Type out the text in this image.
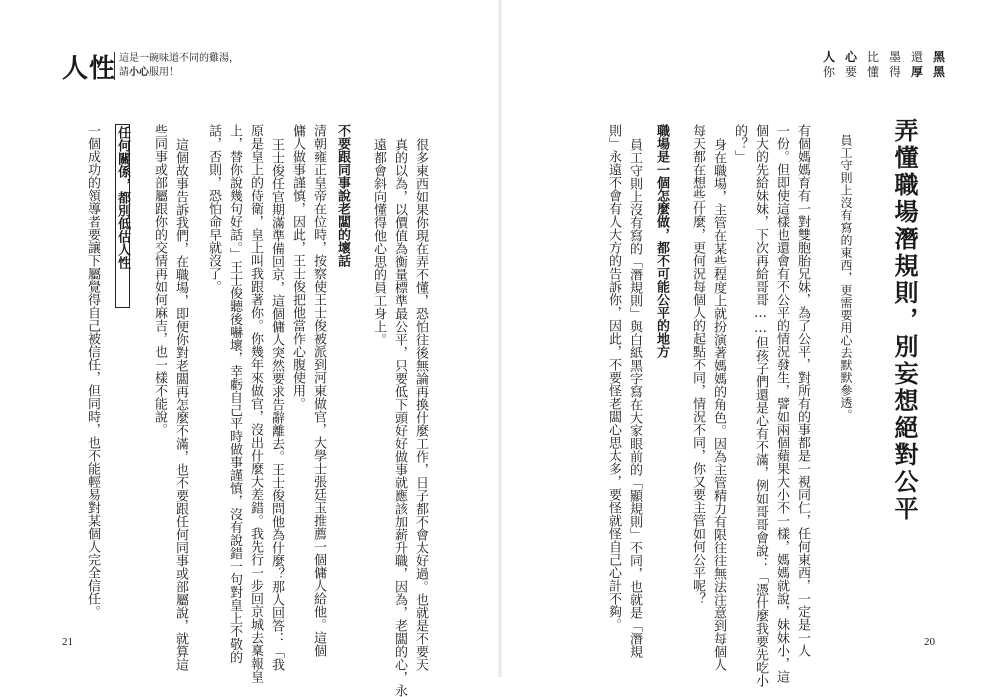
人性 這是一碗味道不同的雞湯，
請小心服用！
很多東西如果你現在弄不懂，恐怕往後無論再換什麼工作，日子都不會太好過。也就是不要天
真的以為，以價值為衡量標準最公平，只要低下頭好好做事就應該加薪升職，因為，老闆的心，永
遠都會斜向懂得他心思的員工身上。
不要跟同事說老闆的壞話
清朝雍正皇帝在位時，按察使王士俊被派到河東做官，大學士張廷玉推薦一個傭人給他。這個
傭人做事謹慎，因此，王士俊把他當作心腹使用。
王士俊任官期滿準備回京，這個傭人突然要求告辭離去。王士俊問他為什麼？那人回答：「我
原是皇上的侍衛，皇上叫我跟著你。你幾年來做官，沒出什麼大差錯。我先行一步回京城去稟報皇
上，替你說幾句好話。」王士俊聽後嚇壞，幸虧自己平時做事謹慎，沒有說錯一句對皇上不敬的
話，否則，恐怕命早就沒了。
這個故事告訴我們，在職場，即便你對老闆再怎麼不滿，也不要跟任何同事或部屬說，就算這
些同事或部屬跟你的交情再如何麻吉，也一樣不能說。
任何關係，都別低估人性
一個成功的領導者要讓下屬覺得自己被信任，但同時，也不能輕易對某個人完全信任。
21
人 心 比 墨 還 黑
你 要 懂 得 厚 黑
弄懂職場潛規則，別妄想絕對公平
員工守則上沒有寫的東西，更需要用心去默默參透。
有個媽媽育有一對雙胞胎兄妹，為了公平，對所有的事都是一視同仁，任何東西，一定是一人
一份。但即使這樣也還會有不公平的情況發生，譬如兩個蘋果大小不一樣，媽媽就說，妹妹小，這
個大的先給妹妹，下次再給哥哥……但孩子們還是心有不滿，例如哥哥會說：「憑什麼我要先吃小
的？」
身在職場，主管在某些程度上就扮演著媽媽的角色。因為主管精力有限往往無法注意到每個人
每天都在想些什麼，更何況每個人的起點不同，情況不同，你又要主管如何公平呢？
職場是一個怎麼做，都不可能公平的地方
員工守則上沒有寫的「潛規則」與白紙黑字寫在大家眼前的「顯規則」不同，也就是「潛規
則」永遠不會有人大方的告訴你，因此，不要怪老闆心思太多，要怪就怪自己心計不夠。
20
